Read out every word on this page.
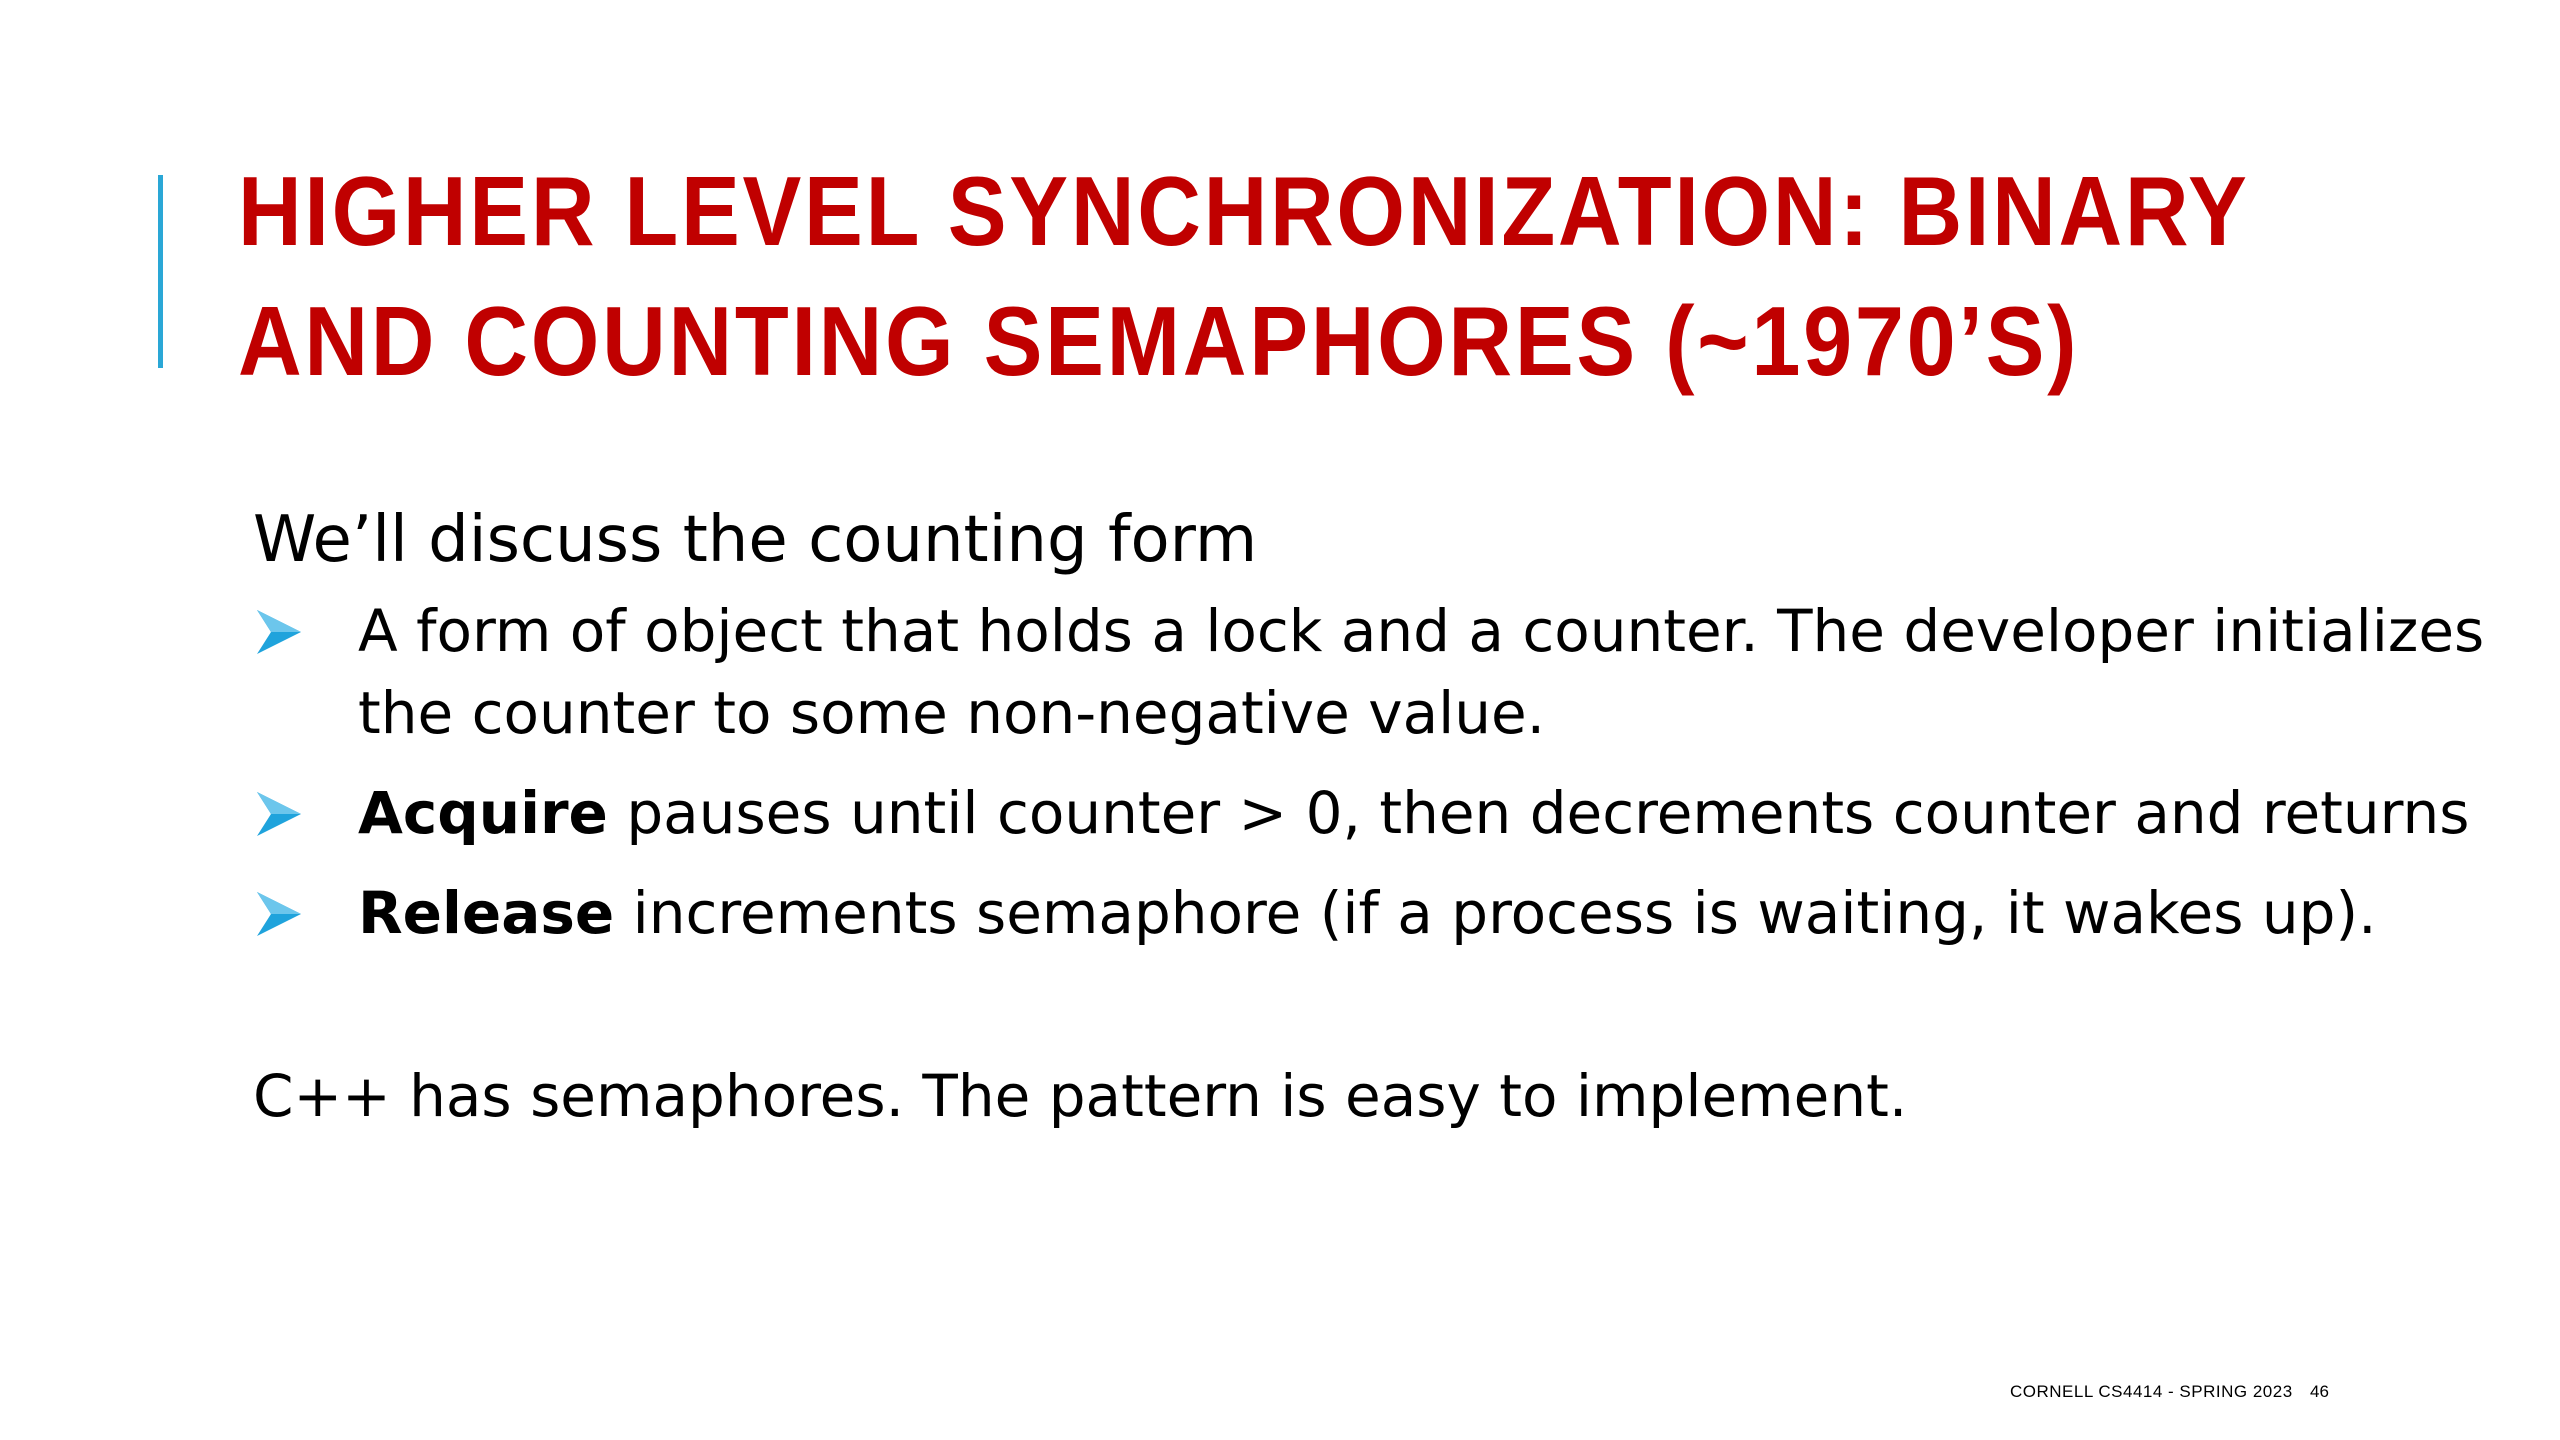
HIGHER LEVEL SYNCHRONIZATION: BINARY
AND COUNTING SEMAPHORES (~1970’S)
We’ll discuss the counting form
A form of object that holds a lock and a counter. The developer initializes the counter to some non-negative value.
Acquire pauses until counter > 0, then decrements counter and returns
Release increments semaphore (if a process is waiting, it wakes up).
C++ has semaphores. The pattern is easy to implement.
CORNELL CS4414 - SPRING 2023 46
